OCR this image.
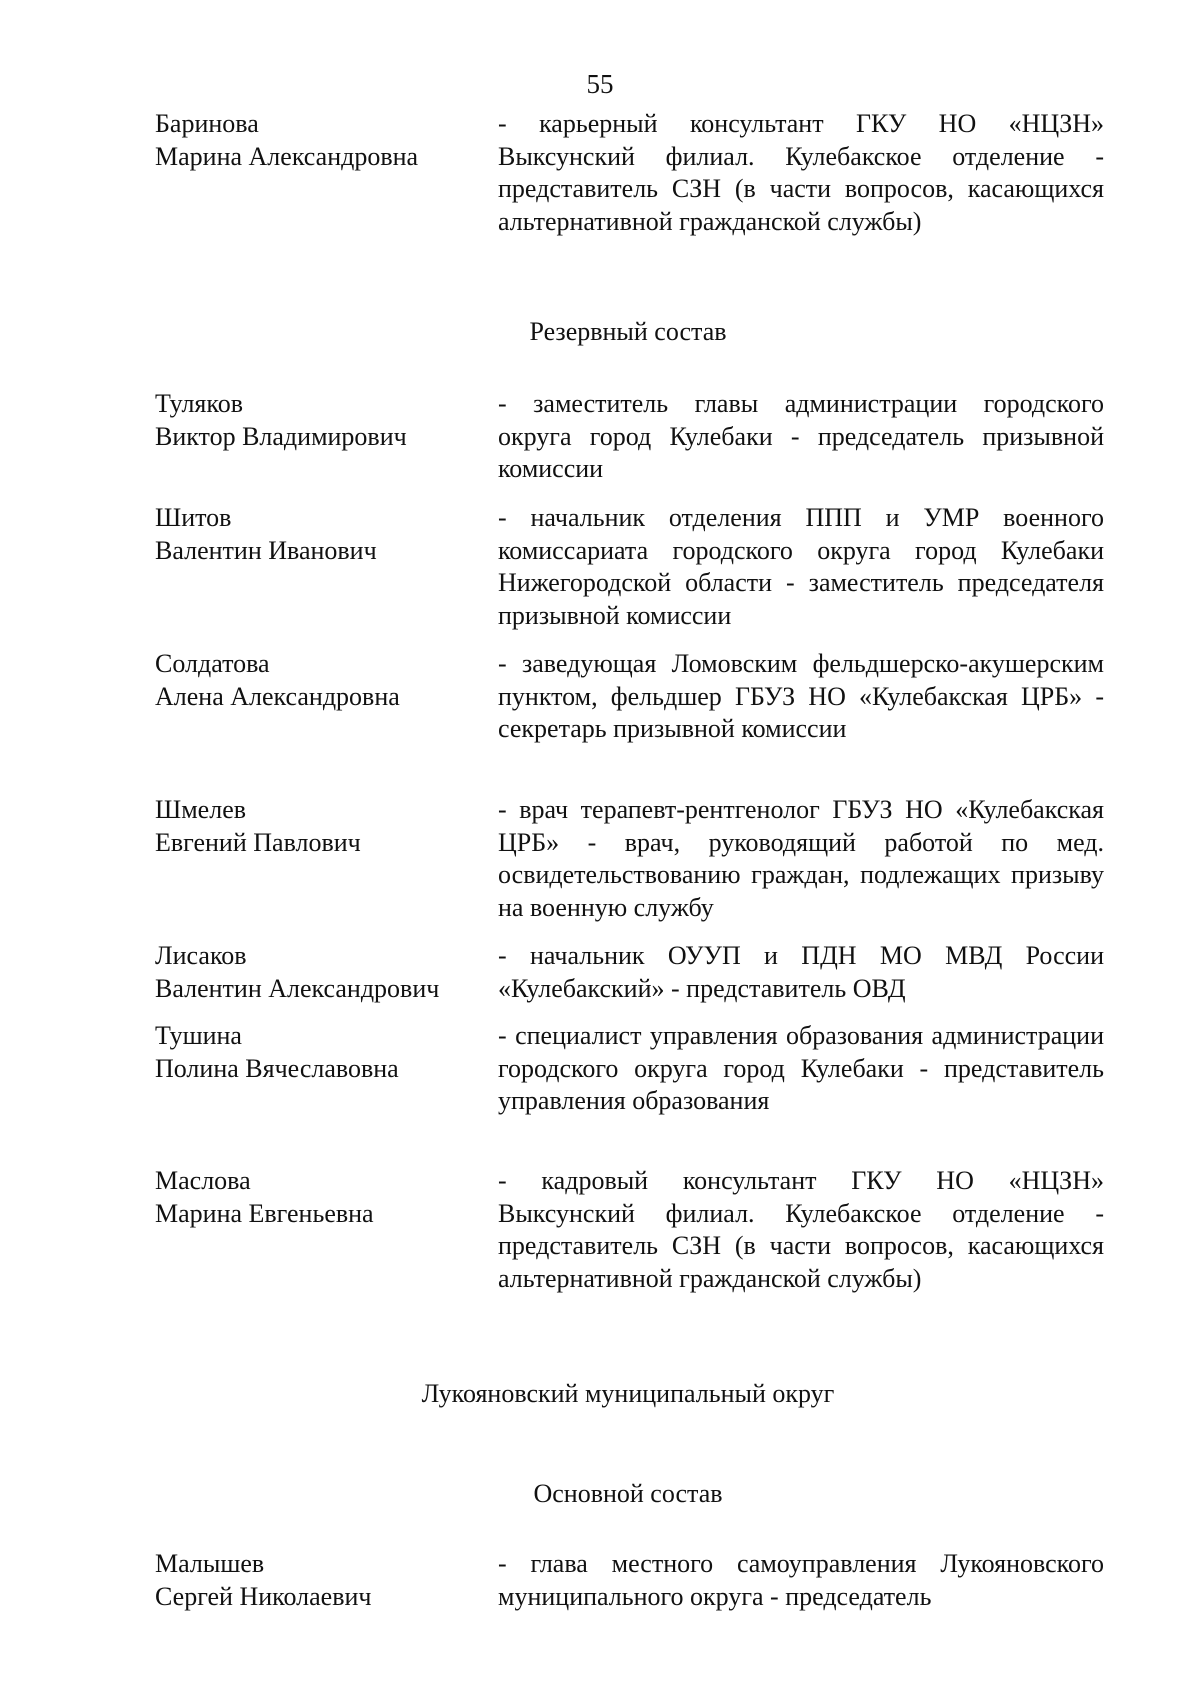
55
Баринова
Марина Александровна
- карьерный консультант ГКУ НО «НЦЗН» Выксунский филиал. Кулебакское отделение - представитель СЗН (в части вопросов, касающихся альтернативной гражданской службы)
Резервный состав
Туляков
Виктор Владимирович
- заместитель главы администрации городского округа город Кулебаки - председатель призывной комиссии
Шитов
Валентин Иванович
- начальник отделения ППП и УМР военного комиссариата городского округа город Кулебаки Нижегородской области - заместитель председателя призывной комиссии
Солдатова
Алена Александровна
- заведующая Ломовским фельдшерско-акушерским пунктом, фельдшер ГБУЗ НО «Кулебакская ЦРБ» - секретарь призывной комиссии
Шмелев
Евгений Павлович
- врач терапевт-рентгенолог ГБУЗ НО «Кулебакская ЦРБ» - врач, руководящий работой по мед. освидетельствованию граждан, подлежащих призыву на военную службу
Лисаков
Валентин Александрович
- начальник ОУУП и ПДН МО МВД России «Кулебакский» - представитель ОВД
Тушина
Полина Вячеславовна
- специалист управления образования администрации городского округа город Кулебаки - представитель управления образования
Маслова
Марина Евгеньевна
- кадровый консультант ГКУ НО «НЦЗН» Выксунский филиал. Кулебакское отделение - представитель СЗН (в части вопросов, касающихся альтернативной гражданской службы)
Лукояновский муниципальный округ
Основной состав
Малышев
Сергей Николаевич
- глава местного самоуправления Лукояновского муниципального округа - председатель
